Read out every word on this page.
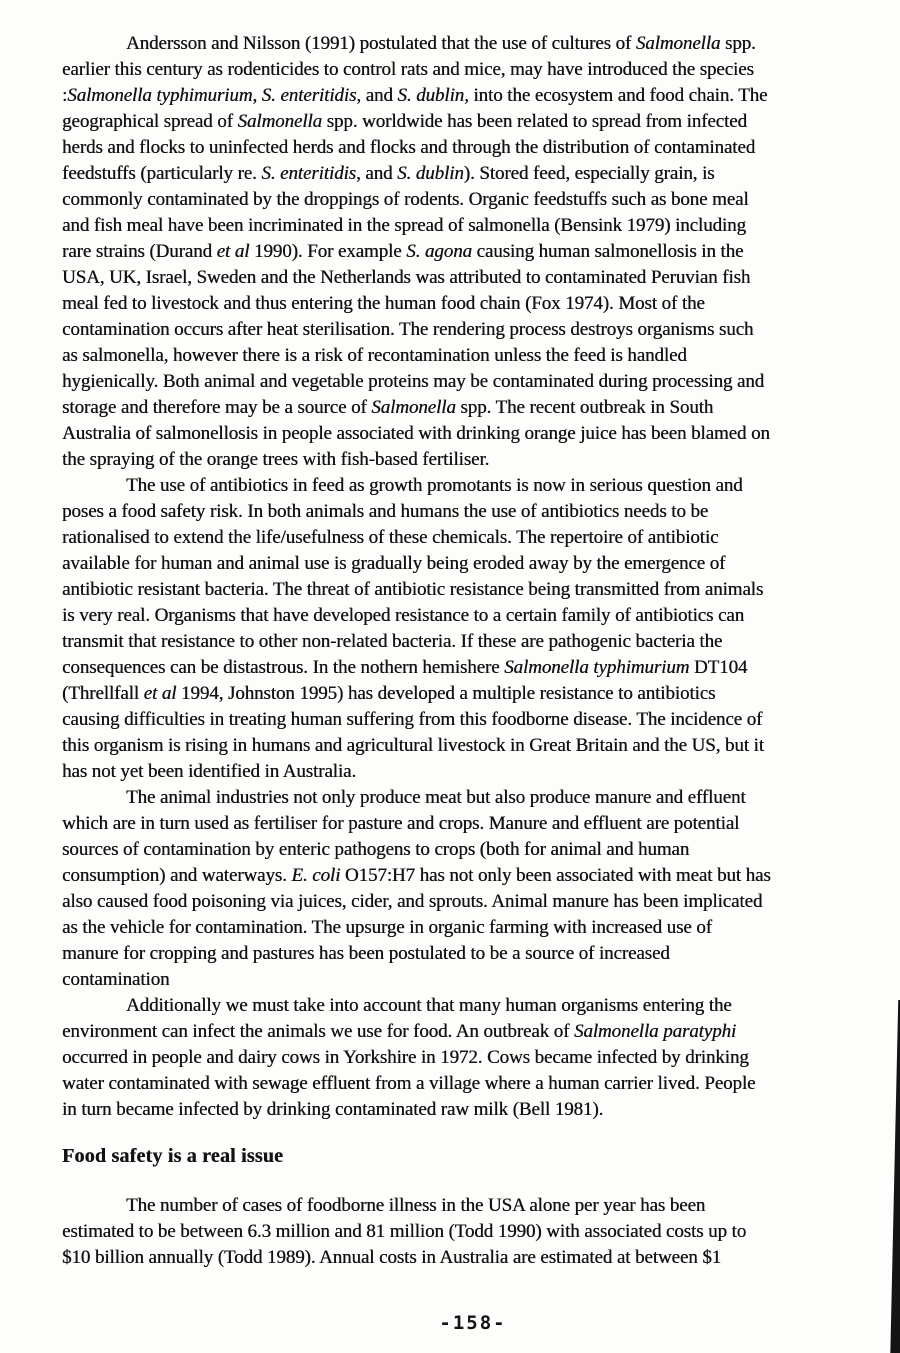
Andersson and Nilsson (1991) postulated that the use of cultures of Salmonella spp.
earlier this century as rodenticides to control rats and mice, may have introduced the species
:Salmonella typhimurium, S. enteritidis, and S. dublin, into the ecosystem and food chain. The
geographical spread of Salmonella spp. worldwide has been related to spread from infected
herds and flocks to uninfected herds and flocks and through the distribution of contaminated
feedstuffs (particularly re. S. enteritidis, and S. dublin). Stored feed, especially grain, is
commonly contaminated by the droppings of rodents. Organic feedstuffs such as bone meal
and fish meal have been incriminated in the spread of salmonella (Bensink 1979) including
rare strains (Durand et al 1990). For example S. agona causing human salmonellosis in the
USA, UK, Israel, Sweden and the Netherlands was attributed to contaminated Peruvian fish
meal fed to livestock and thus entering the human food chain (Fox 1974). Most of the
contamination occurs after heat sterilisation. The rendering process destroys organisms such
as salmonella, however there is a risk of recontamination unless the feed is handled
hygienically. Both animal and vegetable proteins may be contaminated during processing and
storage and therefore may be a source of Salmonella spp. The recent outbreak in South
Australia of salmonellosis in people associated with drinking orange juice has been blamed on
the spraying of the orange trees with fish-based fertiliser.
The use of antibiotics in feed as growth promotants is now in serious question and
poses a food safety risk. In both animals and humans the use of antibiotics needs to be
rationalised to extend the life/usefulness of these chemicals. The repertoire of antibiotic
available for human and animal use is gradually being eroded away by the emergence of
antibiotic resistant bacteria. The threat of antibiotic resistance being transmitted from animals
is very real. Organisms that have developed resistance to a certain family of antibiotics can
transmit that resistance to other non-related bacteria. If these are pathogenic bacteria the
consequences can be distastrous. In the nothern hemishere Salmonella typhimurium DT104
(Threllfall et al 1994, Johnston 1995) has developed a multiple resistance to antibiotics
causing difficulties in treating human suffering from this foodborne disease. The incidence of
this organism is rising in humans and agricultural livestock in Great Britain and the US, but it
has not yet been identified in Australia.
The animal industries not only produce meat but also produce manure and effluent
which are in turn used as fertiliser for pasture and crops. Manure and effluent are potential
sources of contamination by enteric pathogens to crops (both for animal and human
consumption) and waterways. E. coli O157:H7 has not only been associated with meat but has
also caused food poisoning via juices, cider, and sprouts. Animal manure has been implicated
as the vehicle for contamination. The upsurge in organic farming with increased use of
manure for cropping and pastures has been postulated to be a source of increased
contamination
Additionally we must take into account that many human organisms entering the
environment can infect the animals we use for food. An outbreak of Salmonella paratyphi
occurred in people and dairy cows in Yorkshire in 1972. Cows became infected by drinking
water contaminated with sewage effluent from a village where a human carrier lived. People
in turn became infected by drinking contaminated raw milk (Bell 1981).
Food safety is a real issue
The number of cases of foodborne illness in the USA alone per year has been
estimated to be between 6.3 million and 81 million (Todd 1990) with associated costs up to
$10 billion annually (Todd 1989). Annual costs in Australia are estimated at between $1
-158-
